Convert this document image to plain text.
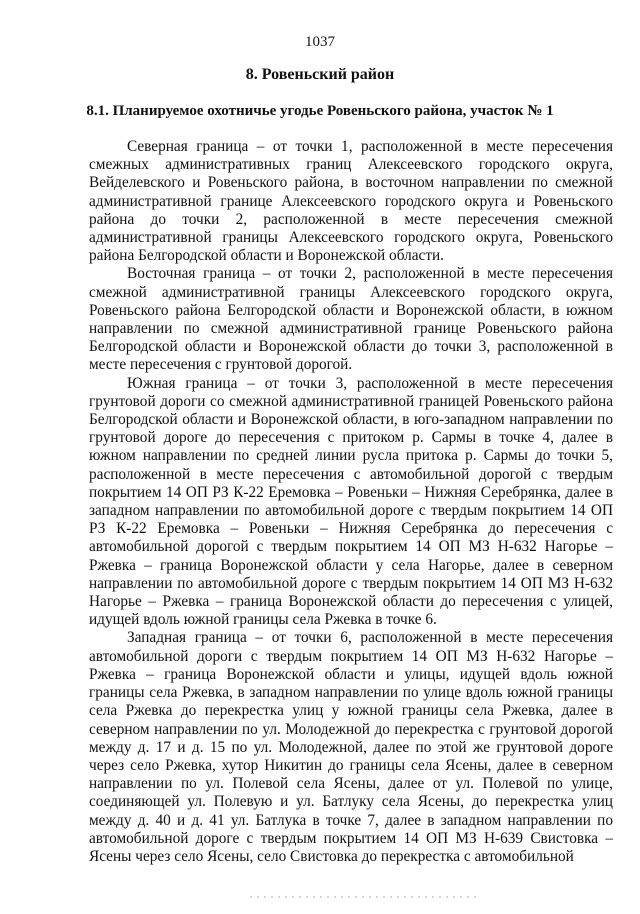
1037
8. Ровеньский район
8.1. Планируемое охотничье угодье Ровеньского района, участок № 1

Северная граница – от точки 1, расположенной в месте пересечения смежных административных границ Алексеевского городского округа, Вейделевского и Ровеньского района, в восточном направлении по смежной административной границе Алексеевского городского округа и Ровеньского района до точки 2, расположенной в месте пересечения смежной административной границы Алексеевского городского округа, Ровеньского района Белгородской области и Воронежской области.

Восточная граница – от точки 2, расположенной в месте пересечения смежной административной границы Алексеевского городского округа, Ровеньского района Белгородской области и Воронежской области, в южном направлении по смежной административной границе Ровеньского района Белгородской области и Воронежской области до точки 3, расположенной в месте пересечения с грунтовой дорогой.

Южная граница – от точки 3, расположенной в месте пересечения грунтовой дороги со смежной административной границей Ровеньского района Белгородской области и Воронежской области, в юго-западном направлении по грунтовой дороге до пересечения с притоком р. Сармы в точке 4, далее в южном направлении по средней линии русла притока р. Сармы до точки 5, расположенной в месте пересечения с автомобильной дорогой с твердым покрытием 14 ОП РЗ К-22 Еремовка – Ровеньки – Нижняя Серебрянка, далее в западном направлении по автомобильной дороге с твердым покрытием 14 ОП РЗ К-22 Еремовка – Ровеньки – Нижняя Серебрянка до пересечения с автомобильной дорогой с твердым покрытием 14 ОП МЗ Н-632 Нагорье – Ржевка – граница Воронежской области у села Нагорье, далее в северном направлении по автомобильной дороге с твердым покрытием 14 ОП МЗ Н-632 Нагорье – Ржевка – граница Воронежской области до пересечения с улицей, идущей вдоль южной границы села Ржевка в точке 6.

Западная граница – от точки 6, расположенной в месте пересечения автомобильной дороги с твердым покрытием 14 ОП МЗ Н-632 Нагорье – Ржевка – граница Воронежской области и улицы, идущей вдоль южной границы села Ржевка, в западном направлении по улице вдоль южной границы села Ржевка до перекрестка улиц у южной границы села Ржевка, далее в северном направлении по ул. Молодежной до перекрестка с грунтовой дорогой между д. 17 и д. 15 по ул. Молодежной, далее по этой же грунтовой дороге через село Ржевка, хутор Никитин до границы села Ясены, далее в северном направлении по ул. Полевой села Ясены, далее от ул. Полевой по улице, соединяющей ул. Полевую и ул. Батлуку села Ясены, до перекрестка улиц между д. 40 и д. 41 ул. Батлука в точке 7, далее в западном направлении по автомобильной дороге с твердым покрытием 14 ОП МЗ Н-639 Свистовка – Ясены через село Ясены, село Свистовка до перекрестка с автомобильной
